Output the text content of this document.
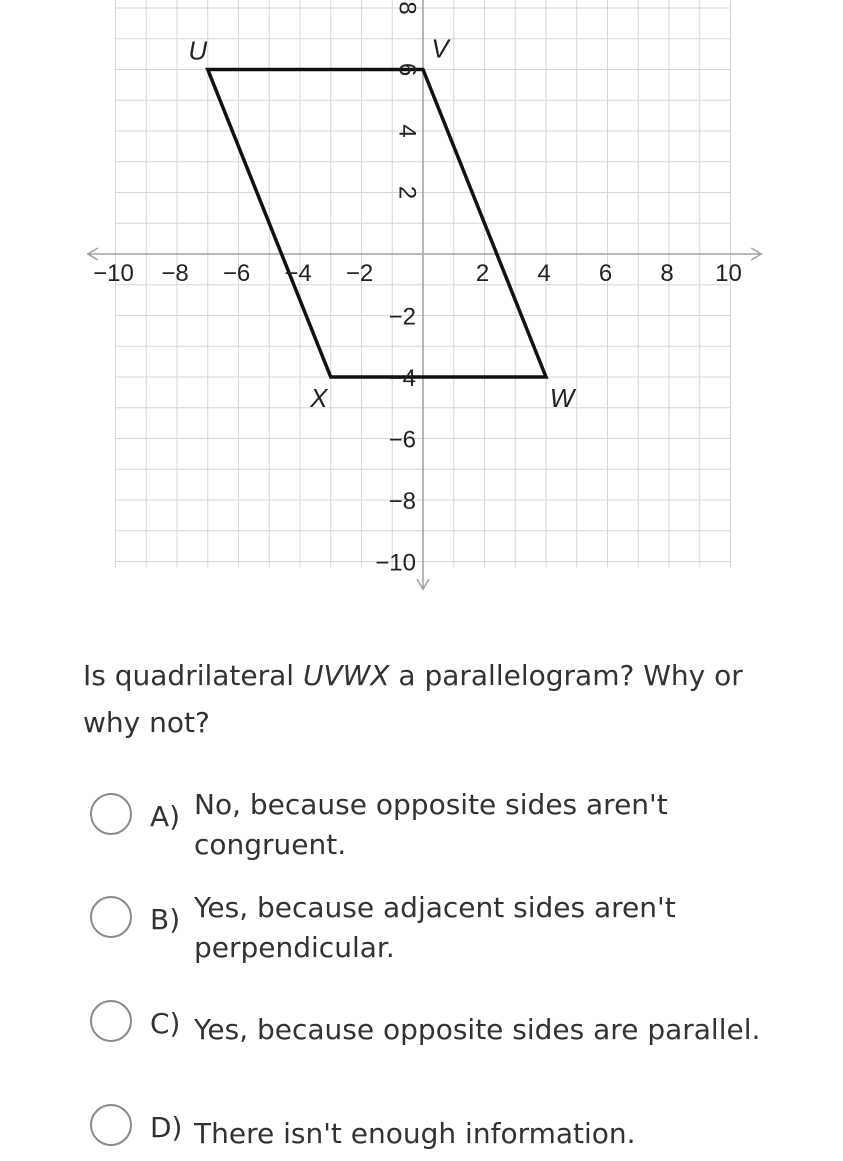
−10 −8 −6 −4 −2	2 4 6 8 10
8
6
4
2
−2
−4
−6
−8
−10
U	V
W
X
Is quadrilateral UVWX a parallelogram? Why or why not?
A) No, because opposite sides aren't congruent.
B) Yes, because adjacent sides aren't perpendicular.
C) Yes, because opposite sides are parallel.
D) There isn't enough information.
